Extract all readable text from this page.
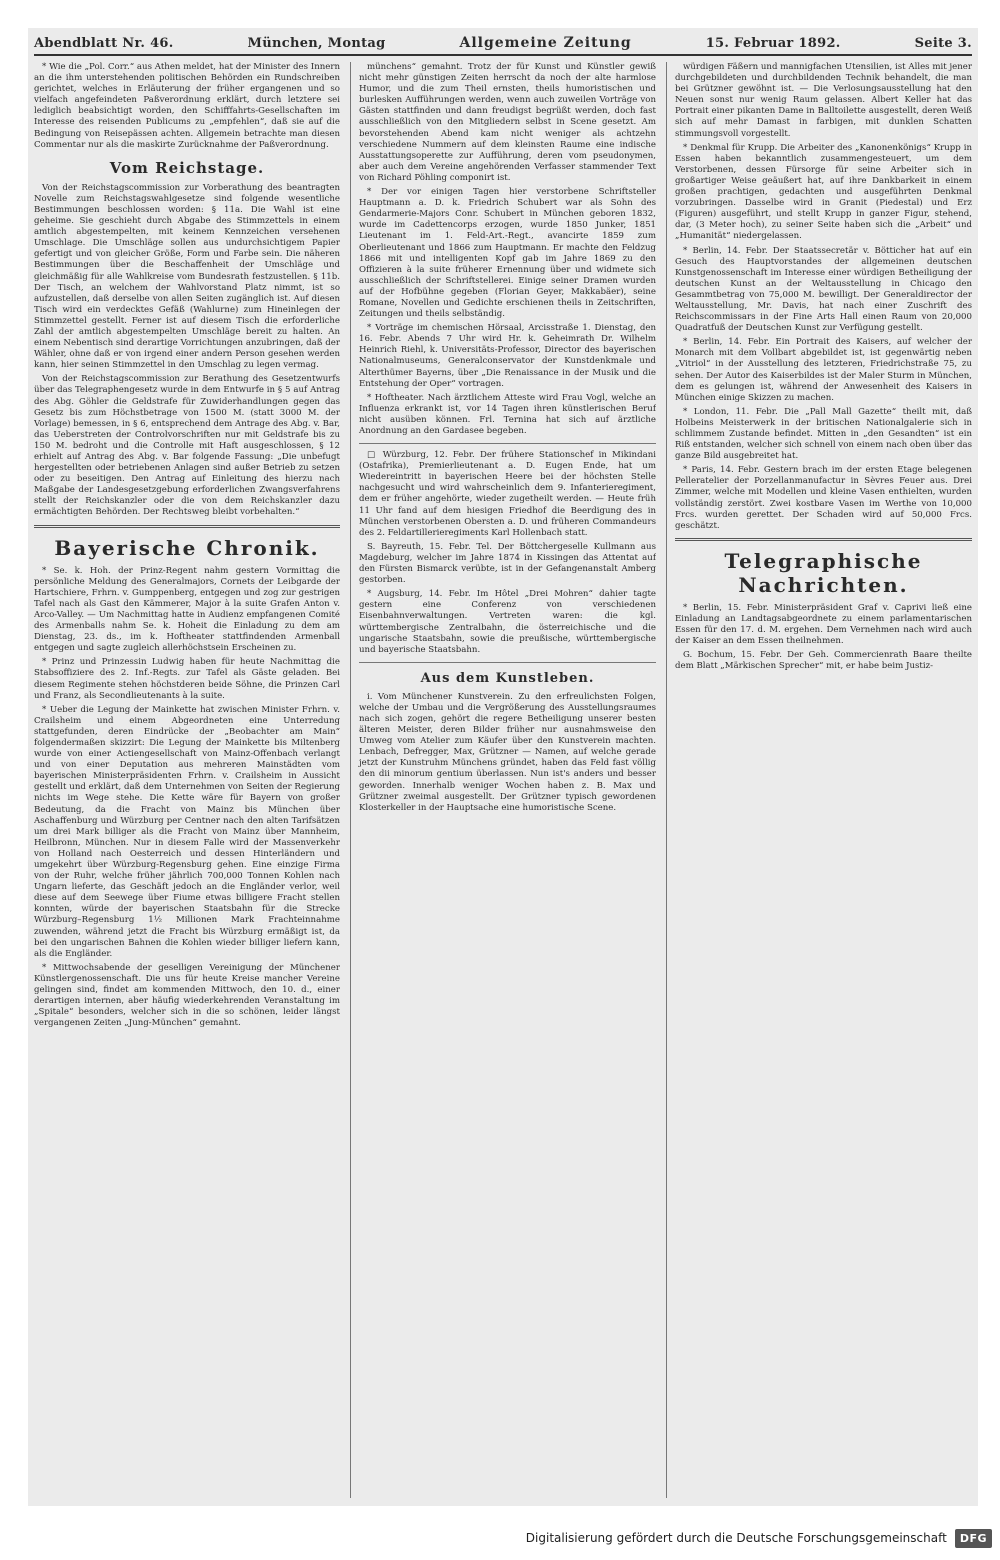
Abendblatt Nr. 46.	München, Montag	Allgemeine Zeitung	15. Februar 1892.	Seite 3.

* Wie die „Pol. Corr.“ aus Athen meldet, hat der Minister des Innern an die ihm unterstehenden politischen Behörden ein Rundschreiben gerichtet, welches in Erläuterung der früher ergangenen und so vielfach angefeindeten Paßverordnung erklärt, durch letztere sei lediglich beabsichtigt worden, den Schifffahrts-Gesellschaften im Interesse des reisenden Publicums zu „empfehlen“, daß sie auf die Bedingung von Reisepässen achten. Allgemein betrachte man diesen Commentar nur als die maskirte Zurücknahme der Paßverordnung.

Vom Reichstage.

Von der Reichstagscommission zur Vorberathung des beantragten Novelle zum Reichstagswahlgesetze sind folgende wesentliche Bestimmungen beschlossen worden: § 11a. Die Wahl ist eine geheime. Sie geschieht durch Abgabe des Stimmzettels in einem amtlich abgestempelten, mit keinem Kennzeichen versehenen Umschlage. Die Umschläge sollen aus undurchsichtigem Papier gefertigt und von gleicher Größe, Form und Farbe sein. Die näheren Bestimmungen über die Beschaffenheit der Umschläge und gleichmäßig für alle Wahlkreise vom Bundesrath festzustellen. § 11b. Der Tisch, an welchem der Wahlvorstand Platz nimmt, ist so aufzustellen, daß derselbe von allen Seiten zugänglich ist. Auf diesen Tisch wird ein verdecktes Gefäß (Wahlurne) zum Hineinlegen der Stimmzettel gestellt. Ferner ist auf diesem Tisch die erforderliche Zahl der amtlich abgestempelten Umschläge bereit zu halten. An einem Nebentisch sind derartige Vorrichtungen anzubringen, daß der Wähler, ohne daß er von irgend einer andern Person gesehen werden kann, hier seinen Stimmzettel in den Umschlag zu legen vermag.

Von der Reichstagscommission zur Berathung des Gesetzentwurfs über das Telegraphengesetz wurde in dem Entwurfe in § 5 auf Antrag des Abg. Göhler die Geldstrafe für Zuwiderhandlungen gegen das Gesetz bis zum Höchstbetrage von 1500 M. (statt 3000 M. der Vorlage) bemessen, in § 6, entsprechend dem Antrage des Abg. v. Bar, das Ueberstreten der Controlvorschriften nur mit Geldstrafe bis zu 150 M. bedroht und die Controlle mit Haft ausgeschlossen, § 12 erhielt auf Antrag des Abg. v. Bar folgende Fassung: „Die unbefugt hergestellten oder betriebenen Anlagen sind außer Betrieb zu setzen oder zu beseitigen. Den Antrag auf Einleitung des hierzu nach Maßgabe der Landesgesetzgebung erforderlichen Zwangsverfahrens stellt der Reichskanzler oder die von dem Reichskanzler dazu ermächtigten Behörden. Der Rechtsweg bleibt vorbehalten.“

Bayerische Chronik.

* Se. k. Hoh. der Prinz-Regent nahm gestern Vormittag die persönliche Meldung des Generalmajors, Cornets der Leibgarde der Hartschiere, Frhrn. v. Gumppenberg, entgegen und zog zur gestrigen Tafel nach als Gast den Kämmerer, Major à la suite Grafen Anton v. Arco-Valley. — Um Nachmittag hatte in Audienz empfangenen Comité des Armenballs nahm Se. k. Hoheit die Einladung zu dem am Dienstag, 23. ds., im k. Hoftheater stattfindenden Armenball entgegen und sagte zugleich allerhöchstsein Erscheinen zu.

* Prinz und Prinzessin Ludwig haben für heute Nachmittag die Stabsoffiziere des 2. Inf.-Regts. zur Tafel als Gäste geladen. Bei diesem Regimente stehen höchstderen beide Söhne, die Prinzen Carl und Franz, als Secondlieutenants à la suite.

* Ueber die Legung der Mainkette hat zwischen Minister Frhrn. v. Crailsheim und einem Abgeordneten eine Unterredung stattgefunden, deren Eindrücke der „Beobachter am Main“ folgendermaßen skizzirt: Die Legung der Mainkette bis Miltenberg wurde von einer Actiengesellschaft von Mainz-Offenbach verlangt und von einer Deputation aus mehreren Mainstädten vom bayerischen Ministerpräsidenten Frhrn. v. Crailsheim in Aussicht gestellt und erklärt, daß dem Unternehmen von Seiten der Regierung nichts im Wege stehe. Die Kette wäre für Bayern von großer Bedeutung, da die Fracht von Mainz bis München über Aschaffenburg und Würzburg per Centner nach den alten Tarifsätzen um drei Mark billiger als die Fracht von Mainz über Mannheim, Heilbronn, München. Nur in diesem Falle wird der Massenverkehr von Holland nach Oesterreich und dessen Hinterländern und umgekehrt über Würzburg-Regensburg gehen. Eine einzige Firma von der Ruhr, welche früher jährlich 700,000 Tonnen Kohlen nach Ungarn lieferte, das Geschäft jedoch an die Engländer verlor, weil diese auf dem Seewege über Fiume etwas billigere Fracht stellen konnten, würde der bayerischen Staatsbahn für die Strecke Würzburg–Regensburg 1½ Millionen Mark Frachteinnahme zuwenden, während jetzt die Fracht bis Würzburg ermäßigt ist, da bei den ungarischen Bahnen die Kohlen wieder billiger liefern kann, als die Engländer.

* Mittwochsabende der geselligen Vereinigung der Münchener Künstlergenossenschaft. Die uns für heute Kreise mancher Vereine gelingen sind, findet am kommenden Mittwoch, den 10. d., einer derartigen internen, aber häufig wiederkehrenden Veranstaltung im „Spitale“ besonders, welcher sich in die so schönen, leider längst vergangenen Zeiten „Jung-München“ gemahnt.

münchens“ gemahnt. Trotz der für Kunst und Künstler gewiß nicht mehr günstigen Zeiten herrscht da noch der alte harmlose Humor, und die zum Theil ernsten, theils humoristischen und burlesken Aufführungen werden, wenn auch zuweilen Vorträge von Gästen stattfinden und dann freudigst begrüßt werden, doch fast ausschließlich von den Mitgliedern selbst in Scene gesetzt. Am bevorstehenden Abend kam nicht weniger als achtzehn verschiedene Nummern auf dem kleinsten Raume eine indische Ausstattungsoperette zur Aufführung, deren vom pseudonymen, aber auch dem Vereine angehörenden Verfasser stammender Text von Richard Pöhling componirt ist.

* Der vor einigen Tagen hier verstorbene Schriftsteller Hauptmann a. D. k. Friedrich Schubert war als Sohn des Gendarmerie-Majors Conr. Schubert in München geboren 1832, wurde im Cadettencorps erzogen, wurde 1850 Junker, 1851 Lieutenant im 1. Feld-Art.-Regt., avancirte 1859 zum Oberlieutenant und 1866 zum Hauptmann. Er machte den Feldzug 1866 mit und intelligenten Kopf gab im Jahre 1869 zu den Offizieren à la suite früherer Ernennung über und widmete sich ausschließlich der Schriftstellerei. Einige seiner Dramen wurden auf der Hofbühne gegeben (Florian Geyer, Makkabäer), seine Romane, Novellen und Gedichte erschienen theils in Zeitschriften, Zeitungen und theils selbständig.

* Vorträge im chemischen Hörsaal, Arcisstraße 1. Dienstag, den 16. Febr. Abends 7 Uhr wird Hr. k. Geheimrath Dr. Wilhelm Heinrich Riehl, k. Universitäts-Professor, Director des bayerischen Nationalmuseums, Generalconservator der Kunstdenkmale und Alterthümer Bayerns, über „Die Renaissance in der Musik und die Entstehung der Oper“ vortragen.

* Hoftheater. Nach ärztlichem Atteste wird Frau Vogl, welche an Influenza erkrankt ist, vor 14 Tagen ihren künstlerischen Beruf nicht ausüben können. Frl. Ternina hat sich auf ärztliche Anordnung an den Gardasee begeben.

□ Würzburg, 12. Febr. Der frühere Stationschef in Mikindani (Ostafrika), Premierlieutenant a. D. Eugen Ende, hat um Wiedereintritt in bayerischen Heere bei der höchsten Stelle nachgesucht und wird wahrscheinlich dem 9. Infanterieregiment, dem er früher angehörte, wieder zugetheilt werden. — Heute früh 11 Uhr fand auf dem hiesigen Friedhof die Beerdigung des in München verstorbenen Obersten a. D. und früheren Commandeurs des 2. Feldartillerieregiments Karl Hollenbach statt.

S. Bayreuth, 15. Febr. Tel. Der Böttchergeselle Kullmann aus Magdeburg, welcher im Jahre 1874 in Kissingen das Attentat auf den Fürsten Bismarck verübte, ist in der Gefangenanstalt Amberg gestorben.

* Augsburg, 14. Febr. Im Hôtel „Drei Mohren“ dahier tagte gestern eine Conferenz von verschiedenen Eisenbahnverwaltungen. Vertreten waren: die kgl. württembergische Zentralbahn, die österreichische und die ungarische Staatsbahn, sowie die preußische, württembergische und bayerische Staatsbahn.

Aus dem Kunstleben.

i. Vom Münchener Kunstverein. Zu den erfreulichsten Folgen, welche der Umbau und die Vergrößerung des Ausstellungsraumes nach sich zogen, gehört die regere Betheiligung unserer besten älteren Meister, deren Bilder früher nur ausnahmsweise den Umweg vom Atelier zum Käufer über den Kunstverein machten. Lenbach, Defregger, Max, Grützner — Namen, auf welche gerade jetzt der Kunstruhm Münchens gründet, haben das Feld fast völlig den dii minorum gentium überlassen. Nun ist's anders und besser geworden. Innerhalb weniger Wochen haben z. B. Max und Grützner zweimal ausgestellt. Der Grützner typisch gewordenen Klosterkeller in der Hauptsache eine humoristische Scene.

würdigen Fäßern und mannigfachen Utensilien, ist Alles mit jener durchgebildeten und durchbildenden Technik behandelt, die man bei Grützner gewöhnt ist. — Die Verlosungsausstellung hat den Neuen sonst nur wenig Raum gelassen. Albert Keller hat das Portrait einer pikanten Dame in Balltoilette ausgestellt, deren Weiß sich auf mehr Damast in farbigen, mit dunklen Schatten stimmungsvoll vorgestellt.

* Denkmal für Krupp. Die Arbeiter des „Kanonenkönigs“ Krupp in Essen haben bekanntlich zusammengesteuert, um dem Verstorbenen, dessen Fürsorge für seine Arbeiter sich in großartiger Weise geäußert hat, auf ihre Dankbarkeit in einem großen prachtigen, gedachten und ausgeführten Denkmal vorzubringen. Dasselbe wird in Granit (Piedestal) und Erz (Figuren) ausgeführt, und stellt Krupp in ganzer Figur, stehend, dar, (3 Meter hoch), zu seiner Seite haben sich die „Arbeit“ und „Humanität“ niedergelassen.

* Berlin, 14. Febr. Der Staatssecretär v. Bötticher hat auf ein Gesuch des Hauptvorstandes der allgemeinen deutschen Kunstgenossenschaft im Interesse einer würdigen Betheiligung der deutschen Kunst an der Weltausstellung in Chicago den Gesammtbetrag von 75,000 M. bewilligt. Der Generaldirector der Weltausstellung, Mr. Davis, hat nach einer Zuschrift des Reichscommissars in der Fine Arts Hall einen Raum von 20,000 Quadratfuß der Deutschen Kunst zur Verfügung gestellt.

* Berlin, 14. Febr. Ein Portrait des Kaisers, auf welcher der Monarch mit dem Vollbart abgebildet ist, ist gegenwärtig neben „Vitriol“ in der Ausstellung des letzteren, Friedrichstraße 75, zu sehen. Der Autor des Kaiserbildes ist der Maler Sturm in München, dem es gelungen ist, während der Anwesenheit des Kaisers in München einige Skizzen zu machen.

* London, 11. Febr. Die „Pall Mall Gazette“ theilt mit, daß Holbeins Meisterwerk in der britischen Nationalgalerie sich in schlimmem Zustande befindet. Mitten in „den Gesandten“ ist ein Riß entstanden, welcher sich schnell von einem nach oben über das ganze Bild ausgebreitet hat.

* Paris, 14. Febr. Gestern brach im der ersten Etage belegenen Pelleratelier der Porzellanmanufactur in Sèvres Feuer aus. Drei Zimmer, welche mit Modellen und kleine Vasen enthielten, wurden vollständig zerstört. Zwei kostbare Vasen im Werthe von 10,000 Frcs. wurden gerettet. Der Schaden wird auf 50,000 Frcs. geschätzt.

Telegraphische Nachrichten.

* Berlin, 15. Febr. Ministerpräsident Graf v. Caprivi ließ eine Einladung an Landtagsabgeordnete zu einem parlamentarischen Essen für den 17. d. M. ergehen. Dem Vernehmen nach wird auch der Kaiser an dem Essen theilnehmen.

G. Bochum, 15. Febr. Der Geh. Commercienrath Baare theilte dem Blatt „Märkischen Sprecher“ mit, er habe beim Justiz-

Digitalisierung gefördert durch die Deutsche Forschungsgemeinschaft	DFG
